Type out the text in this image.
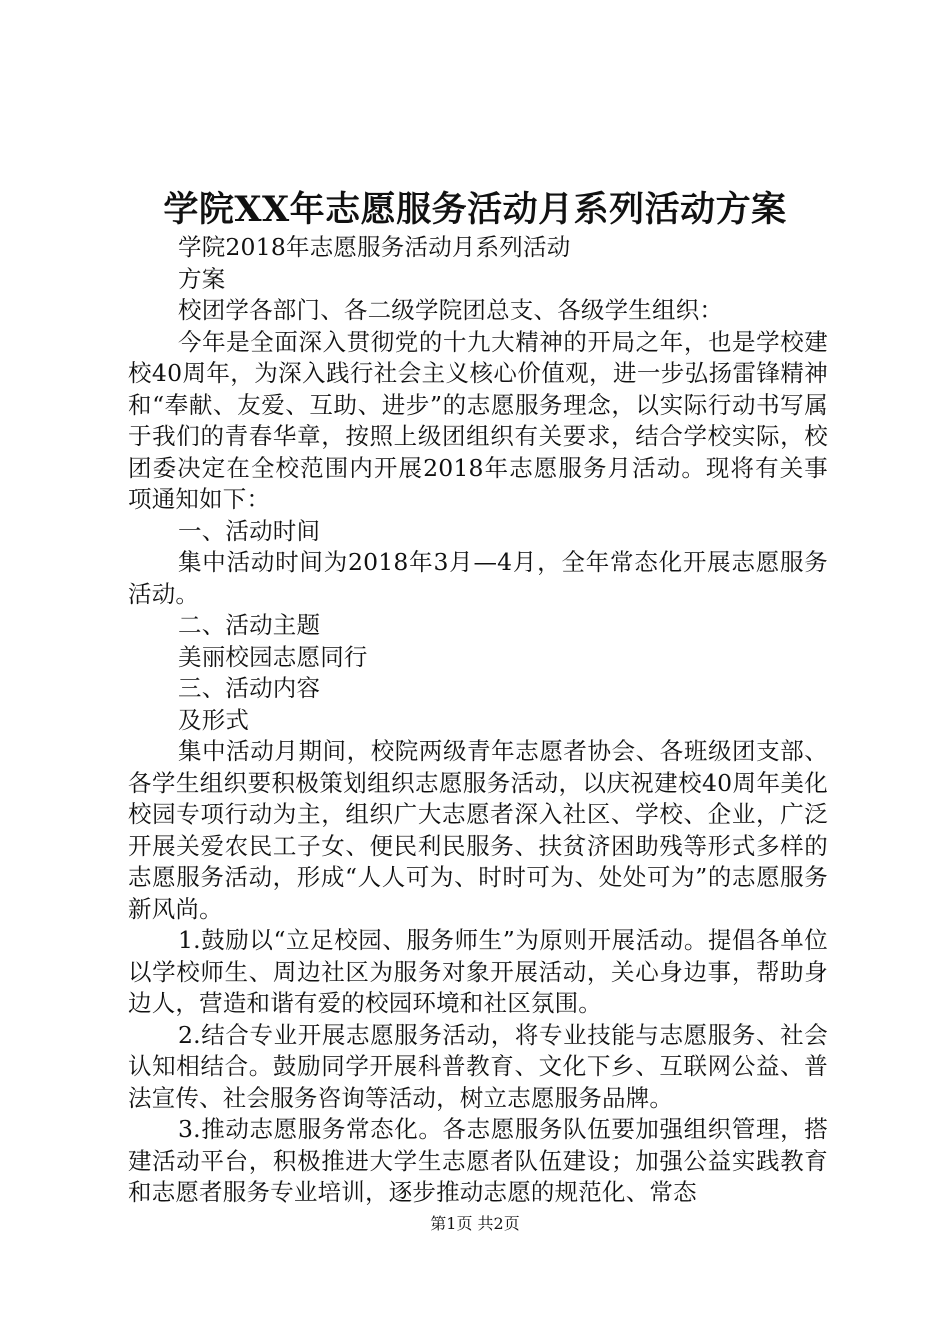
学院XX年志愿服务活动月系列活动方案

学院2018年志愿服务活动月系列活动

方案

校团学各部门、各二级学院团总支、各级学生组织：

今年是全面深入贯彻党的十九大精神的开局之年，也是学校建校40周年，为深入践行社会主义核心价值观，进一步弘扬雷锋精神和“奉献、友爱、互助、进步”的志愿服务理念，以实际行动书写属于我们的青春华章，按照上级团组织有关要求，结合学校实际，校团委决定在全校范围内开展2018年志愿服务月活动。现将有关事项通知如下：

一、活动时间

集中活动时间为2018年3月—4月，全年常态化开展志愿服务活动。

二、活动主题

美丽校园志愿同行

三、活动内容

及形式

集中活动月期间，校院两级青年志愿者协会、各班级团支部、各学生组织要积极策划组织志愿服务活动，以庆祝建校40周年美化校园专项行动为主，组织广大志愿者深入社区、学校、企业，广泛开展关爱农民工子女、便民利民服务、扶贫济困助残等形式多样的志愿服务活动，形成“人人可为、时时可为、处处可为”的志愿服务新风尚。

1.鼓励以“立足校园、服务师生”为原则开展活动。提倡各单位以学校师生、周边社区为服务对象开展活动，关心身边事，帮助身边人，营造和谐有爱的校园环境和社区氛围。

2.结合专业开展志愿服务活动，将专业技能与志愿服务、社会认知相结合。鼓励同学开展科普教育、文化下乡、互联网公益、普法宣传、社会服务咨询等活动，树立志愿服务品牌。

3.推动志愿服务常态化。各志愿服务队伍要加强组织管理，搭建活动平台，积极推进大学生志愿者队伍建设；加强公益实践教育和志愿者服务专业培训，逐步推动志愿的规范化、常态

第1页 共2页
